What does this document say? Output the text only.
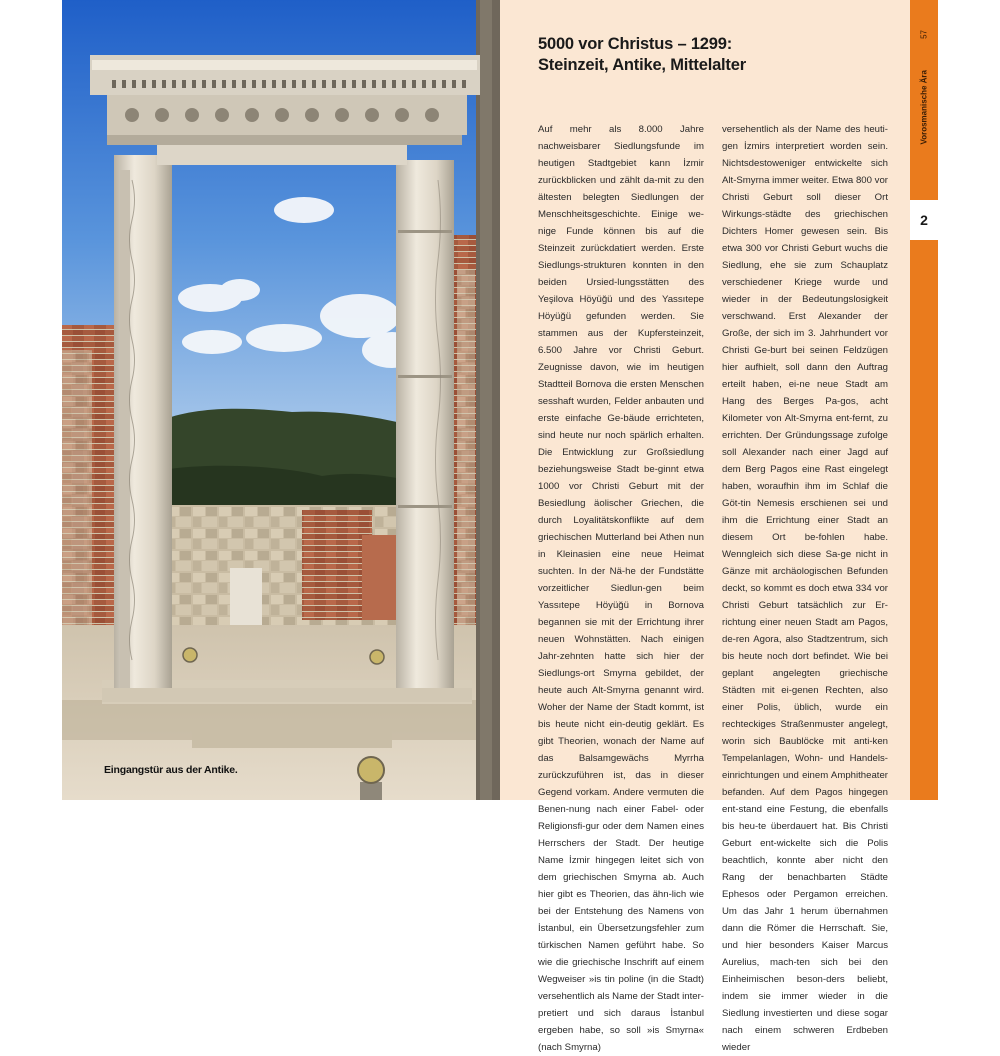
Eingangstür aus der Antike.
5000 vor Christus – 1299:
Steinzeit, Antike, Mittelalter
Auf mehr als 8.000 Jahre nachweisbarer Siedlungsfunde im heutigen Stadtgebiet kann İzmir zurückblicken und zählt da-mit zu den ältesten belegten Siedlungen der Menschheitsgeschichte. Einige we-nige Funde können bis auf die Steinzeit zurückdatiert werden. Erste Siedlungs-strukturen konnten in den beiden Ursied-lungsstätten des Yeşilova Höyüğü und des Yassıtepe Höyüğü gefunden werden. Sie stammen aus der Kupfersteinzeit, 6.500 Jahre vor Christi Geburt. Zeugnisse davon, wie im heutigen Stadtteil Bornova die ersten Menschen sesshaft wurden, Felder anbauten und erste einfache Ge-bäude errichteten, sind heute nur noch spärlich erhalten. Die Entwicklung zur Großsiedlung beziehungsweise Stadt be-ginnt etwa 1000 vor Christi Geburt mit der Besiedlung äolischer Griechen, die durch Loyalitätskonflikte auf dem griechischen Mutterland bei Athen nun in Kleinasien eine neue Heimat suchten. In der Nä-he der Fundstätte vorzeitlicher Siedlun-gen beim Yassıtepe Höyüğü in Bornova begannen sie mit der Errichtung ihrer neuen Wohnstätten. Nach einigen Jahr-zehnten hatte sich hier der Siedlungs-ort Smyrna gebildet, der heute auch Alt-Smyrna genannt wird. Woher der Name der Stadt kommt, ist bis heute nicht ein-deutig geklärt. Es gibt Theorien, wonach der Name auf das Balsamgewächs Myrrha zurückzuführen ist, das in dieser Gegend vorkam. Andere vermuten die Benen-nung nach einer Fabel- oder Religionsfi-gur oder dem Namen eines Herrschers der Stadt. Der heutige Name İzmir hingegen leitet sich von dem griechischen Smyrna ab. Auch hier gibt es Theorien, das ähn-lich wie bei der Entstehung des Namens von İstanbul, ein Übersetzungsfehler zum türkischen Namen geführt habe. So wie die griechische Inschrift auf einem Wegweiser »is tin poline (in die Stadt) versehentlich als Name der Stadt inter-pretiert und sich daraus İstanbul ergeben habe, so soll »is Smyrna« (nach Smyrna)
versehentlich als der Name des heuti-gen İzmirs interpretiert worden sein. Nichtsdestoweniger entwickelte sich Alt-Smyrna immer weiter. Etwa 800 vor Christi Geburt soll dieser Ort Wirkungs-städte des griechischen Dichters Homer gewesen sein. Bis etwa 300 vor Christi Geburt wuchs die Siedlung, ehe sie zum Schauplatz verschiedener Kriege wurde und wieder in der Bedeutungslosigkeit verschwand. Erst Alexander der Große, der sich im 3. Jahrhundert vor Christi Ge-burt bei seinen Feldzügen hier aufhielt, soll dann den Auftrag erteilt haben, ei-ne neue Stadt am Hang des Berges Pa-gos, acht Kilometer von Alt-Smyrna ent-fernt, zu errichten. Der Gründungssage zufolge soll Alexander nach einer Jagd auf dem Berg Pagos eine Rast eingelegt haben, woraufhin ihm im Schlaf die Göt-tin Nemesis erschienen sei und ihm die Errichtung einer Stadt an diesem Ort be-fohlen habe. Wenngleich sich diese Sa-ge nicht in Gänze mit archäologischen Befunden deckt, so kommt es doch etwa 334 vor Christi Geburt tatsächlich zur Er-richtung einer neuen Stadt am Pagos, de-ren Agora, also Stadtzentrum, sich bis heute noch dort befindet. Wie bei geplant angelegten griechische Städten mit ei-genen Rechten, also einer Polis, üblich, wurde ein rechteckiges Straßenmuster angelegt, worin sich Baublöcke mit anti-ken Tempelanlagen, Wohn- und Handels-einrichtungen und einem Amphitheater befanden. Auf dem Pagos hingegen ent-stand eine Festung, die ebenfalls bis heu-te überdauert hat. Bis Christi Geburt ent-wickelte sich die Polis beachtlich, konnte aber nicht den Rang der benachbarten Städte Ephesos oder Pergamon erreichen. Um das Jahr 1 herum übernahmen dann die Römer die Herrschaft. Sie, und hier besonders Kaiser Marcus Aurelius, mach-ten sich bei den Einheimischen beson-ders beliebt, indem sie immer wieder in die Siedlung investierten und diese sogar nach einem schweren Erdbeben wieder
57
Vorosmanische Ära
2
